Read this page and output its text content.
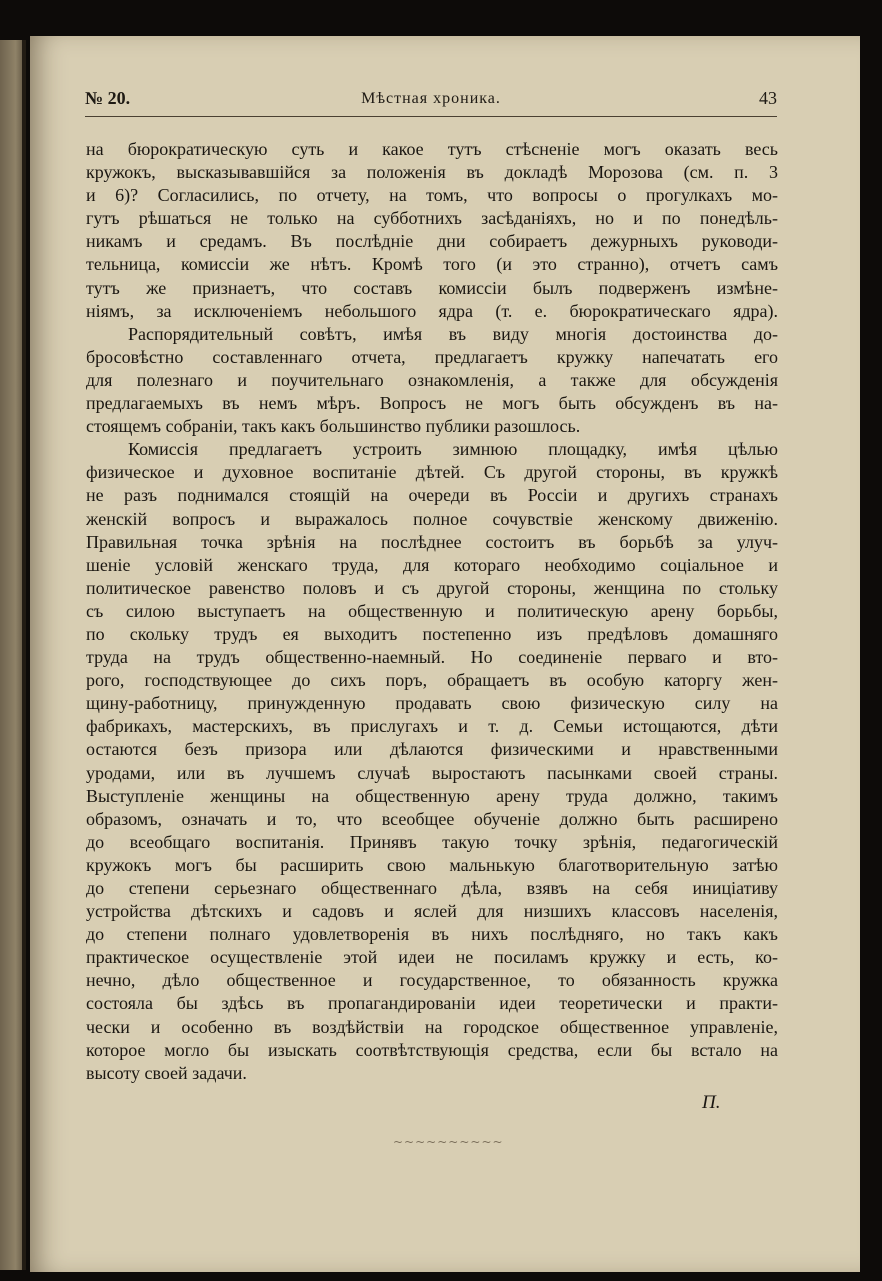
№ 20.	Мѣстная хроника.	43
на бюрократическую суть и какое тутъ стѣсненіе могъ оказать весь
кружокъ, высказывавшійся за положенія въ докладѣ Морозова (см. п. 3
и 6)? Согласились, по отчету, на томъ, что вопросы о прогулкахъ мо-
гутъ рѣшаться не только на субботнихъ засѣданіяхъ, но и по понедѣль-
никамъ и средамъ. Въ послѣдніе дни собираетъ дежурныхъ руководи-
тельница, комиссіи же нѣтъ. Кромѣ того (и это странно), отчетъ самъ
тутъ же признаетъ, что составъ комиссіи былъ подверженъ измѣне-
ніямъ, за исключеніемъ небольшого ядра (т. е. бюрократическаго ядра).
Распорядительный совѣтъ, имѣя въ виду многія достоинства до-
бросовѣстно составленнаго отчета, предлагаетъ кружку напечатать его
для полезнаго и поучительнаго ознакомленія, а также для обсужденія
предлагаемыхъ въ немъ мѣръ. Вопросъ не могъ быть обсужденъ въ на-
стоящемъ собраніи, такъ какъ большинство публики разошлось.
Комиссія предлагаетъ устроить зимнюю площадку, имѣя цѣлью
физическое и духовное воспитаніе дѣтей. Съ другой стороны, въ кружкѣ
не разъ поднимался стоящій на очереди въ Россіи и другихъ странахъ
женскій вопросъ и выражалось полное сочувствіе женскому движенію.
Правильная точка зрѣнія на послѣднее состоитъ въ борьбѣ за улуч-
шеніе условій женскаго труда, для котораго необходимо соціальное и
политическое равенство половъ и съ другой стороны, женщина по стольку
съ силою выступаетъ на общественную и политическую арену борьбы,
по скольку трудъ ея выходитъ постепенно изъ предѣловъ домашняго
труда на трудъ общественно-наемный. Но соединеніе перваго и вто-
рого, господствующее до сихъ поръ, обращаетъ въ особую каторгу жен-
щину-работницу, принужденную продавать свою физическую силу на
фабрикахъ, мастерскихъ, въ прислугахъ и т. д. Семьи истощаются, дѣти
остаются безъ призора или дѣлаются физическими и нравственными
уродами, или въ лучшемъ случаѣ выростаютъ пасынками своей страны.
Выступленіе женщины на общественную арену труда должно, такимъ
образомъ, означать и то, что всеобщее обученіе должно быть расширено
до всеобщаго воспитанія. Принявъ такую точку зрѣнія, педагогическій
кружокъ могъ бы расширить свою мальнькую благотворительную затѣю
до степени серьезнаго общественнаго дѣла, взявъ на себя иниціативу
устройства дѣтскихъ и садовъ и яслей для низшихъ классовъ населенія,
до степени полнаго удовлетворенія въ нихъ послѣдняго, но такъ какъ
практическое осуществленіе этой идеи не посиламъ кружку и есть, ко-
нечно, дѣло общественное и государственное, то обязанность кружка
состояла бы здѣсь въ пропагандированіи идеи теоретически и практи-
чески и особенно въ воздѣйствіи на городское общественное управленіе,
которое могло бы изыскать соотвѣтствующія средства, если бы встало на
высоту своей задачи.
П.
~~~~~~~~~~
